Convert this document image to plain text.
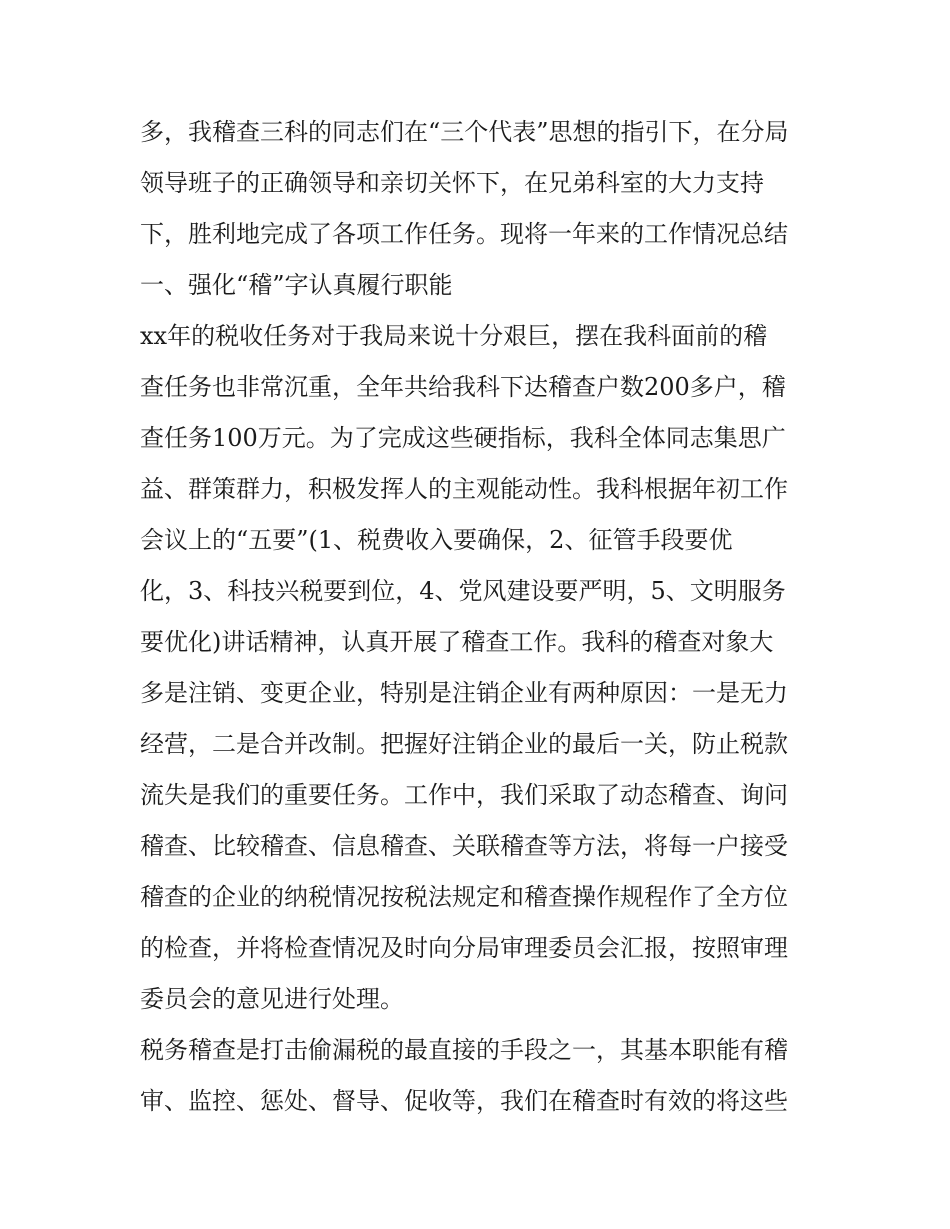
多，我稽查三科的同志们在“三个代表”思想的指引下，在分局
领导班子的正确领导和亲切关怀下，在兄弟科室的大力支持
下，胜利地完成了各项工作任务。现将一年来的工作情况总结
一、强化“稽”字认真履行职能
xx年的税收任务对于我局来说十分艰巨，摆在我科面前的稽
查任务也非常沉重，全年共给我科下达稽查户数200多户，稽
查任务100万元。为了完成这些硬指标，我科全体同志集思广
益、群策群力，积极发挥人的主观能动性。我科根据年初工作
会议上的“五要”(1、税费收入要确保，2、征管手段要优
化，3、科技兴税要到位，4、党风建设要严明，5、文明服务
要优化)讲话精神，认真开展了稽查工作。我科的稽查对象大
多是注销、变更企业，特别是注销企业有两种原因：一是无力
经营，二是合并改制。把握好注销企业的最后一关，防止税款
流失是我们的重要任务。工作中，我们采取了动态稽查、询问
稽查、比较稽查、信息稽查、关联稽查等方法，将每一户接受
稽查的企业的纳税情况按税法规定和稽查操作规程作了全方位
的检查，并将检查情况及时向分局审理委员会汇报，按照审理
委员会的意见进行处理。
税务稽查是打击偷漏税的最直接的手段之一，其基本职能有稽
审、监控、惩处、督导、促收等，我们在稽查时有效的将这些
